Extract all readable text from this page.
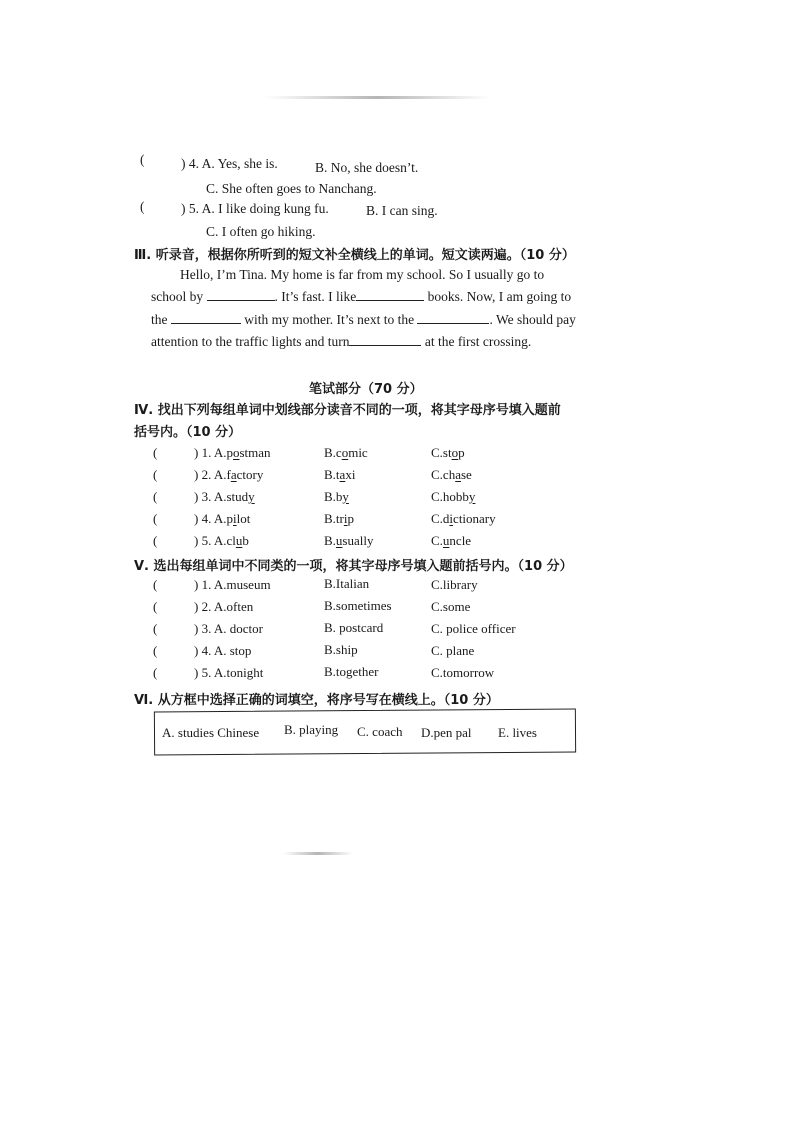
(	) 4. A. Yes, she is.	B. No, she doesn’t.
C. She often goes to Nanchang.
(	) 5. A. I like doing kung fu.	B. I can sing.
C. I often go hiking.
Ⅲ. 听录音，根据你所听到的短文补全横线上的单词。短文读两遍。（10 分）
Hello, I’m Tina. My home is far from my school. So I usually go to
school by	. It’s fast. I like	books. Now, I am going to
the	with my mother. It’s next to the	. We should pay
attention to the traffic lights and turn	at the first crossing.
笔试部分（70 分）
Ⅳ. 找出下列每组单词中划线部分读音不同的一项，将其字母序号填入题前
括号内。（10 分）
(	) 1. A.postman	B.comic	C.stop
(	) 2. A.factory	B.taxi	C.chase
(	) 3. A.study	B.by	C.hobby
(	) 4. A.pilot	B.trip	C.dictionary
(	) 5. A.club	B.usually	C.uncle
Ⅴ. 选出每组单词中不同类的一项，将其字母序号填入题前括号内。（10 分）
(	) 1. A.museum	B.Italian	C.library
(	) 2. A.often	B.sometimes	C.some
(	) 3. A. doctor	B. postcard	C. police officer
(	) 4. A. stop	B.ship	C. plane
(	) 5. A.tonight	B.together	C.tomorrow
Ⅵ. 从方框中选择正确的词填空，将序号写在横线上。（10 分）
A. studies Chinese B. playing C. coach D.pen pal E. lives
